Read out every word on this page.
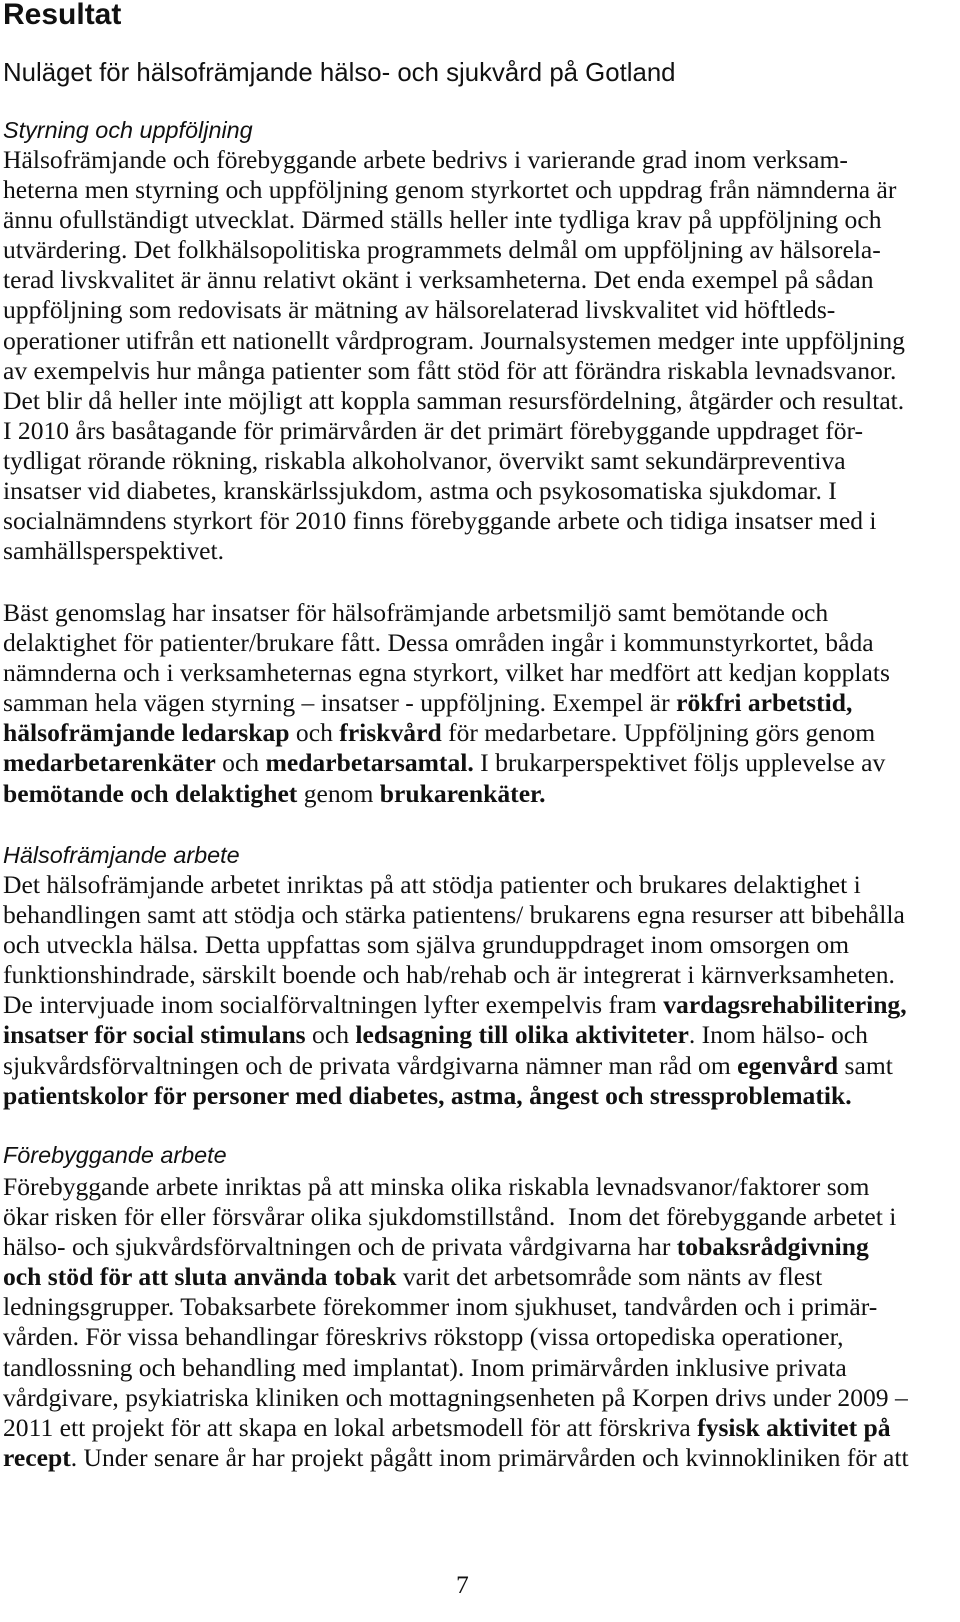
Resultat
Nuläget för hälsofrämjande hälso- och sjukvård på Gotland
Styrning och uppföljning
Hälsofrämjande och förebyggande arbete bedrivs i varierande grad inom verksam-
heterna men styrning och uppföljning genom styrkortet och uppdrag från nämnderna är
ännu ofullständigt utvecklat. Därmed ställs heller inte tydliga krav på uppföljning och
utvärdering. Det folkhälsopolitiska programmets delmål om uppföljning av hälsorela-
terad livskvalitet är ännu relativt okänt i verksamheterna. Det enda exempel på sådan
uppföljning som redovisats är mätning av hälsorelaterad livskvalitet vid höftleds-
operationer utifrån ett nationellt vårdprogram. Journalsystemen medger inte uppföljning
av exempelvis hur många patienter som fått stöd för att förändra riskabla levnadsvanor.
Det blir då heller inte möjligt att koppla samman resursfördelning, åtgärder och resultat.
I 2010 års basåtagande för primärvården är det primärt förebyggande uppdraget för-
tydligat rörande rökning, riskabla alkoholvanor, övervikt samt sekundärpreventiva
insatser vid diabetes, kranskärlssjukdom, astma och psykosomatiska sjukdomar. I
socialnämndens styrkort för 2010 finns förebyggande arbete och tidiga insatser med i
samhällsperspektivet.
Bäst genomslag har insatser för hälsofrämjande arbetsmiljö samt bemötande och
delaktighet för patienter/brukare fått. Dessa områden ingår i kommunstyrkortet, båda
nämnderna och i verksamheternas egna styrkort, vilket har medfört att kedjan kopplats
samman hela vägen styrning – insatser - uppföljning. Exempel är rökfri arbetstid,
hälsofrämjande ledarskap och friskvård för medarbetare. Uppföljning görs genom
medarbetarenkäter och medarbetarsamtal. I brukarperspektivet följs upplevelse av
bemötande och delaktighet genom brukarenkäter.
Hälsofrämjande arbete
Det hälsofrämjande arbetet inriktas på att stödja patienter och brukares delaktighet i
behandlingen samt att stödja och stärka patientens/ brukarens egna resurser att bibehålla
och utveckla hälsa. Detta uppfattas som själva grunduppdraget inom omsorgen om
funktionshindrade, särskilt boende och hab/rehab och är integrerat i kärnverksamheten.
De intervjuade inom socialförvaltningen lyfter exempelvis fram vardagsrehabilitering,
insatser för social stimulans och ledsagning till olika aktiviteter. Inom hälso- och
sjukvårdsförvaltningen och de privata vårdgivarna nämner man råd om egenvård samt
patientskolor för personer med diabetes, astma, ångest och stressproblematik.
Förebyggande arbete
Förebyggande arbete inriktas på att minska olika riskabla levnadsvanor/faktorer som
ökar risken för eller försvårar olika sjukdomstillstånd.  Inom det förebyggande arbetet i
hälso- och sjukvårdsförvaltningen och de privata vårdgivarna har tobaksrådgivning
och stöd för att sluta använda tobak varit det arbetsområde som nänts av flest
ledningsgrupper. Tobaksarbete förekommer inom sjukhuset, tandvården och i primär-
vården. För vissa behandlingar föreskrivs rökstopp (vissa ortopediska operationer,
tandlossning och behandling med implantat). Inom primärvården inklusive privata
vårdgivare, psykiatriska kliniken och mottagningsenheten på Korpen drivs under 2009 –
2011 ett projekt för att skapa en lokal arbetsmodell för att förskriva fysisk aktivitet på
recept. Under senare år har projekt pågått inom primärvården och kvinnokliniken för att
7
